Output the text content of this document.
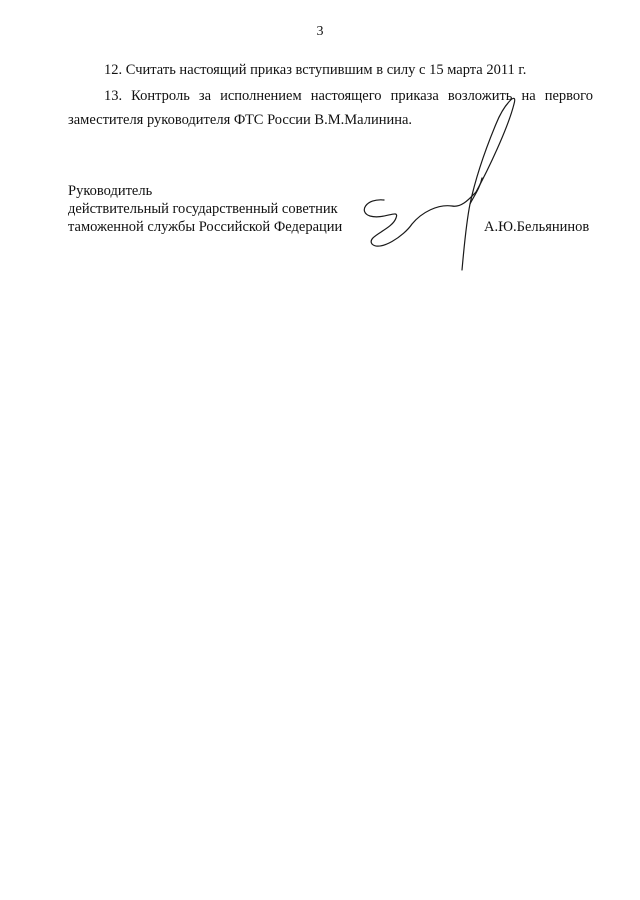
3
12. Считать настоящий приказ вступившим в силу с 15 марта 2011 г.
13. Контроль за исполнением настоящего приказа возложить на первого заместителя руководителя ФТС России В.М.Малинина.
Руководитель
действительный государственный советник
таможенной службы Российской Федерации	А.Ю.Бельянинов
